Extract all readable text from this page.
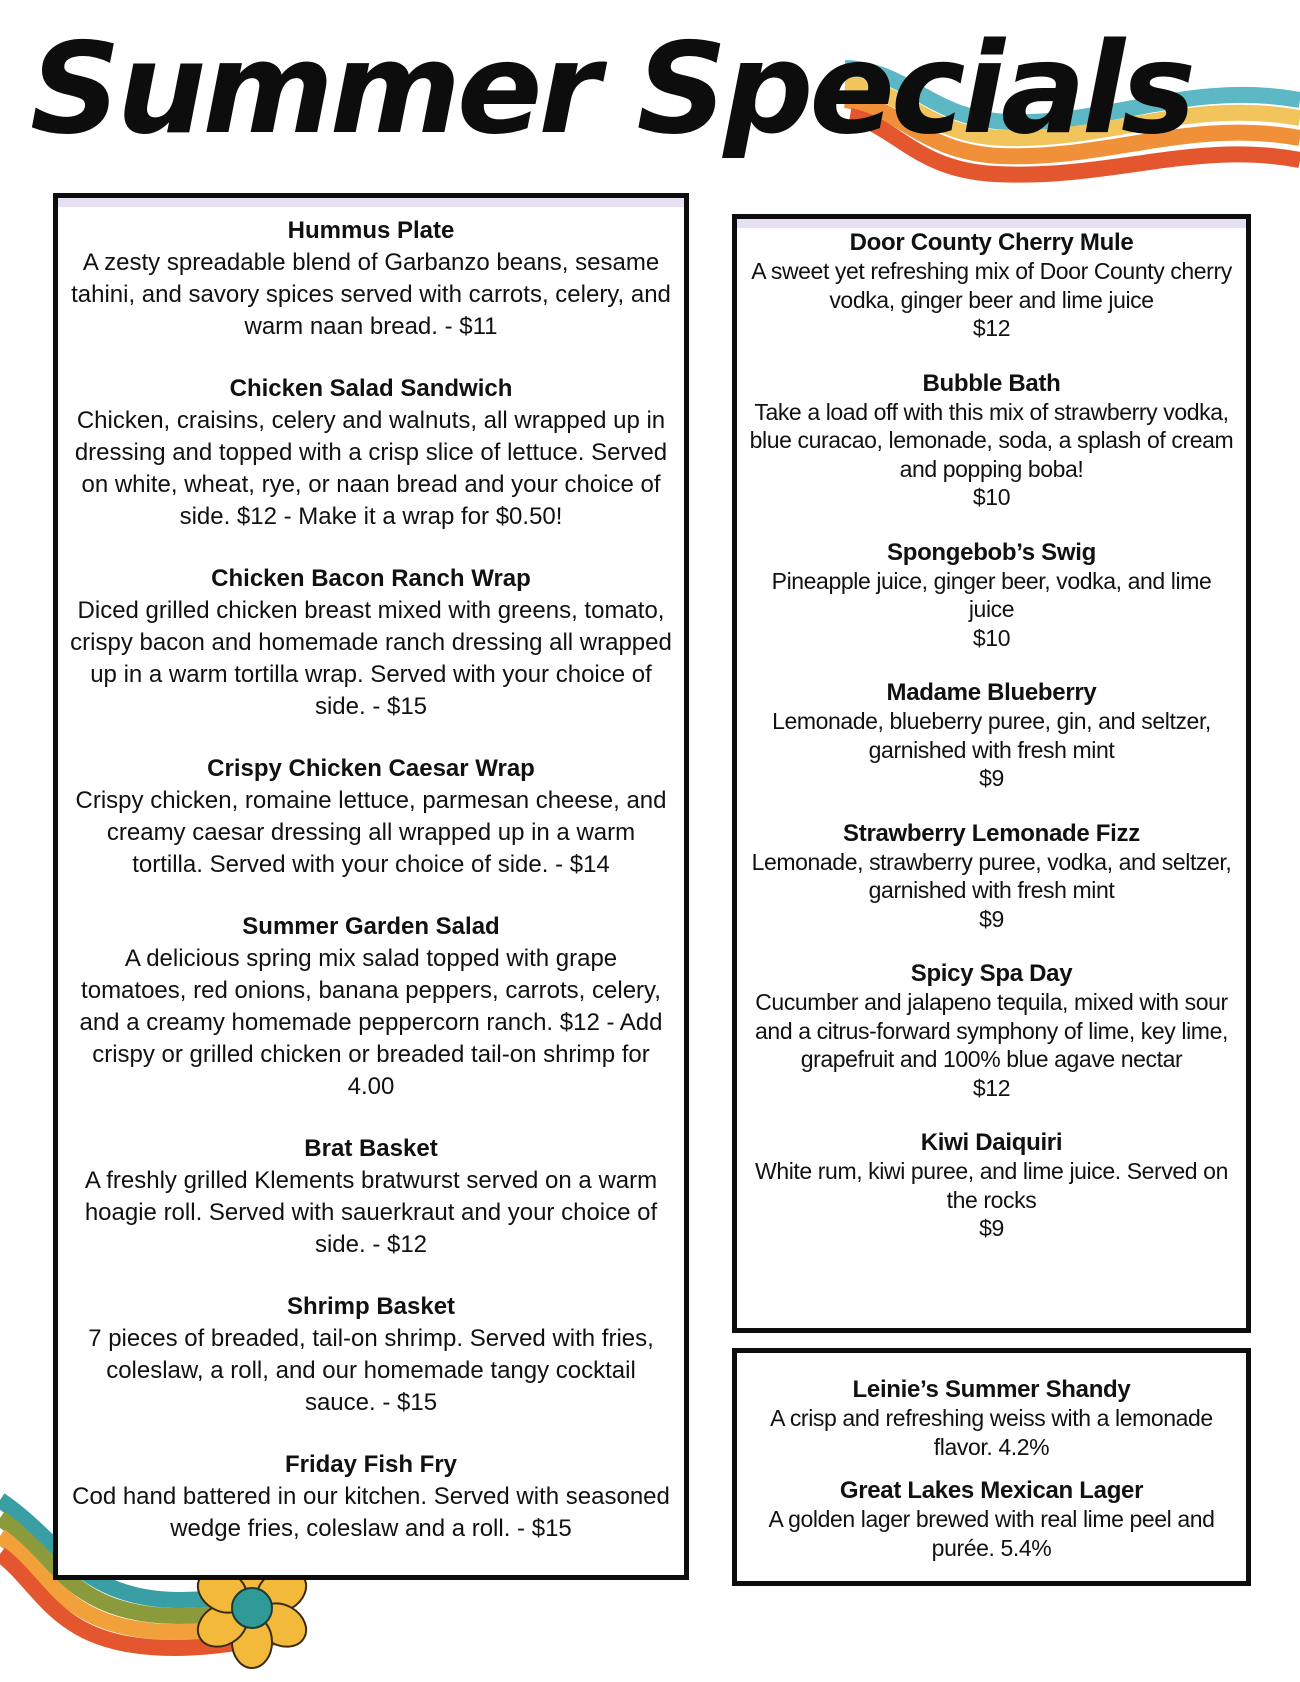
Summer Specials

Hummus Plate

A zesty spreadable blend of Garbanzo beans, sesame tahini, and savory spices served with carrots, celery, and warm naan bread. - $11

Chicken Salad Sandwich

Chicken, craisins, celery and walnuts, all wrapped up in dressing and topped with a crisp slice of lettuce. Served on white, wheat, rye, or naan bread and your choice of side. $12 - Make it a wrap for $0.50!

Chicken Bacon Ranch Wrap

Diced grilled chicken breast mixed with greens, tomato, crispy bacon and homemade ranch dressing all wrapped up in a warm tortilla wrap. Served with your choice of side. - $15

Crispy Chicken Caesar Wrap

Crispy chicken, romaine lettuce, parmesan cheese, and creamy caesar dressing all wrapped up in a warm tortilla. Served with your choice of side. - $14

Summer Garden Salad

A delicious spring mix salad topped with grape tomatoes, red onions, banana peppers, carrots, celery, and a creamy homemade peppercorn ranch. $12 - Add crispy or grilled chicken or breaded tail-on shrimp for 4.00

Brat Basket

A freshly grilled Klements bratwurst served on a warm hoagie roll. Served with sauerkraut and your choice of side. - $12

Shrimp Basket

7 pieces of breaded, tail-on shrimp. Served with fries, coleslaw, a roll, and our homemade tangy cocktail sauce. - $15

Friday Fish Fry

Cod hand battered in our kitchen. Served with seasoned wedge fries, coleslaw and a roll. - $15

Door County Cherry Mule

A sweet yet refreshing mix of Door County cherry vodka, ginger beer and lime juice

$12

Bubble Bath

Take a load off with this mix of strawberry vodka, blue curacao, lemonade, soda, a splash of cream and popping boba!

$10

Spongebob’s Swig

Pineapple juice, ginger beer, vodka, and lime juice

$10

Madame Blueberry

Lemonade, blueberry puree, gin, and seltzer, garnished with fresh mint

$9

Strawberry Lemonade Fizz

Lemonade, strawberry puree, vodka, and seltzer, garnished with fresh mint

$9

Spicy Spa Day

Cucumber and jalapeno tequila, mixed with sour and a citrus-forward symphony of lime, key lime, grapefruit and 100% blue agave nectar

$12

Kiwi Daiquiri

White rum, kiwi puree, and lime juice. Served on the rocks

$9

Leinie’s Summer Shandy

A crisp and refreshing weiss with a lemonade flavor. 4.2%

Great Lakes Mexican Lager

A golden lager brewed with real lime peel and purée. 5.4%
